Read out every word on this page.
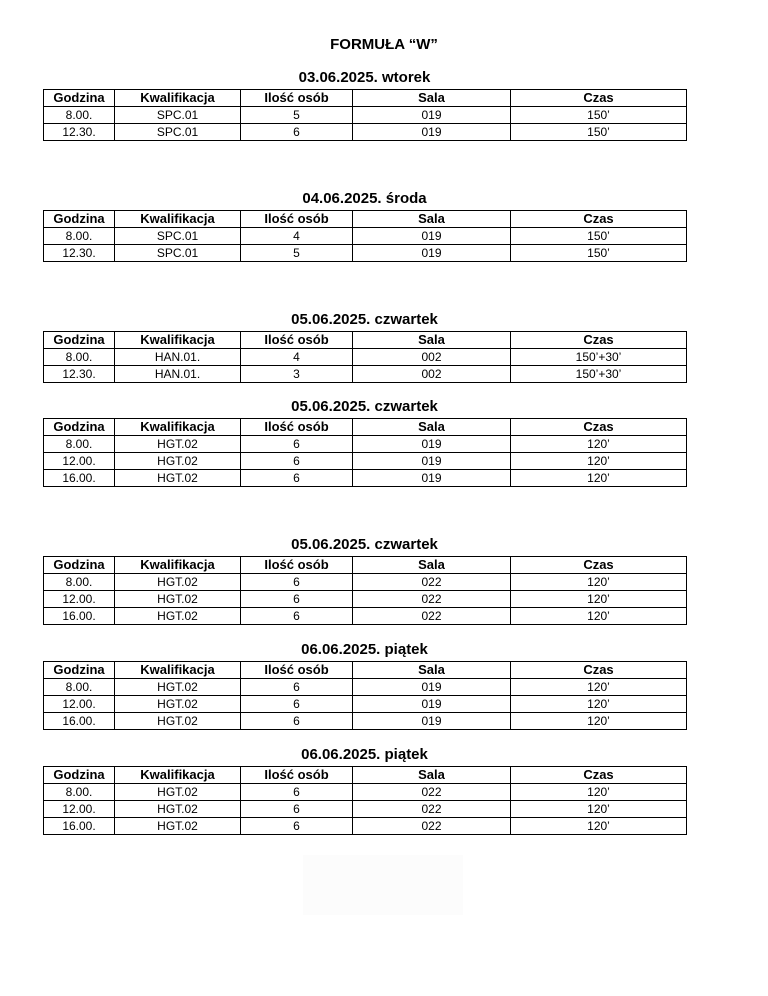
FORMUŁA “W”
03.06.2025. wtorek
Godzina	Kwalifikacja	Ilość osób	Sala	Czas
8.00.	SPC.01	5	019	150’
12.30.	SPC.01	6	019	150’
04.06.2025. środa
Godzina	Kwalifikacja	Ilość osób	Sala	Czas
8.00.	SPC.01	4	019	150’
12.30.	SPC.01	5	019	150’
05.06.2025. czwartek
Godzina	Kwalifikacja	Ilość osób	Sala	Czas
8.00.	HAN.01.	4	002	150’+30’
12.30.	HAN.01.	3	002	150’+30’
05.06.2025. czwartek
Godzina	Kwalifikacja	Ilość osób	Sala	Czas
8.00.	HGT.02	6	019	120’
12.00.	HGT.02	6	019	120’
16.00.	HGT.02	6	019	120’
05.06.2025. czwartek
Godzina	Kwalifikacja	Ilość osób	Sala	Czas
8.00.	HGT.02	6	022	120’
12.00.	HGT.02	6	022	120’
16.00.	HGT.02	6	022	120’
06.06.2025. piątek
Godzina	Kwalifikacja	Ilość osób	Sala	Czas
8.00.	HGT.02	6	019	120’
12.00.	HGT.02	6	019	120’
16.00.	HGT.02	6	019	120’
06.06.2025. piątek
Godzina	Kwalifikacja	Ilość osób	Sala	Czas
8.00.	HGT.02	6	022	120’
12.00.	HGT.02	6	022	120’
16.00.	HGT.02	6	022	120’
